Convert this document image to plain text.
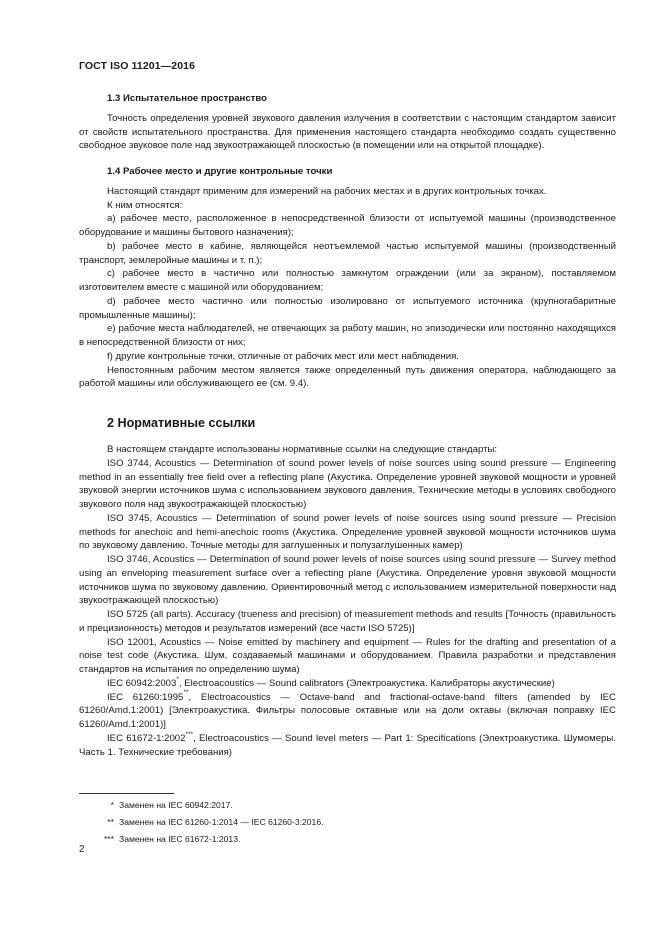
ГОСТ ISO 11201—2016

1.3 Испытательное пространство

Точность определения уровней звукового давления излучения в соответствии с настоящим стандартом зависит от свойств испытательного пространства. Для применения настоящего стандарта необходимо создать существенно свободное звуковое поле над звукоотражающей плоскостью (в помещении или на открытой площадке).

1.4 Рабочее место и другие контрольные точки

Настоящий стандарт применим для измерений на рабочих местах и в других контрольных точках.

К ним относятся:

a) рабочее место, расположенное в непосредственной близости от испытуемой машины (производственное оборудование и машины бытового назначения);

b) рабочее место в кабине, являющейся неотъемлемой частью испытуемой машины (производственный транспорт, землеройные машины и т. п.);

c) рабочее место в частично или полностью замкнутом ограждении (или за экраном), поставляемом изготовителем вместе с машиной или оборудованием;

d) рабочее место частично или полностью изолировано от испытуемого источника (крупногабаритные промышленные машины);

e) рабочие места наблюдателей, не отвечающих за работу машин, но эпизодически или постоянно находящихся в непосредственной близости от них;

f) другие контрольные точки, отличные от рабочих мест или мест наблюдения.

Непостоянным рабочим местом является также определенный путь движения оператора, наблюдающего за работой машины или обслуживающего ее (см. 9.4).

2 Нормативные ссылки

В настоящем стандарте использованы нормативные ссылки на следующие стандарты:

ISO 3744, Acoustics — Determination of sound power levels of noise sources using sound pressure — Engineering method in an essentially free field over a reflecting plane (Акустика. Определение уровней звуковой мощности и уровней звуковой энергии источников шума с использованием звукового давления. Технические методы в условиях свободного звукового поля над звукоотражающей плоскостью)

ISO 3745, Acoustics — Determination of sound power levels of noise sources using sound pressure — Precision methods for anechoic and hemi-anechoic rooms (Акустика. Определение уровней звуковой мощности источников шума по звуковому давлению. Точные методы для заглушенных и полузаглушенных камер)

ISO 3746, Acoustics — Determination of sound power levels of noise sources using sound pressure — Survey method using an enveloping measurement surface over a reflecting plane (Акустика. Определение уровня звуковой мощности источников шума по звуковому давлению. Ориентировочный метод с использованием измерительной поверхности над звукоотражающей плоскостью)

ISO 5725 (all parts). Accuracy (trueness and precision) of measurement methods and results [Точность (правильность и прецизионность) методов и результатов измерений (все части ISO 5725)]

ISO 12001, Acoustics — Noise emitted by machinery and equipment — Rules for the drafting and presentation of a noise test code (Акустика. Шум, создаваемый машинами и оборудованием. Правила разработки и представления стандартов на испытания по определению шума)

IEC 60942:2003*, Electroacoustics — Sound calibrators (Электроакустика. Калибраторы акустические)

IEC 61260:1995**, Electroacoustics — Octave-band and fractional-octave-band filters (amended by IEC 61260/Amd.1:2001) [Электроакустика. Фильтры полосовые октавные или на доли октавы (включая поправку IEC 61260/Amd.1:2001)]

IEC 61672-1:2002***, Electroacoustics — Sound level meters — Part 1: Specifications (Электроакустика. Шумомеры. Часть 1. Технические требования)

* Заменен на IEC 60942:2017.
** Заменен на IEC 61260-1:2014 — IEC 61260-3:2016.
*** Заменен на IEC 61672-1:2013.
2
